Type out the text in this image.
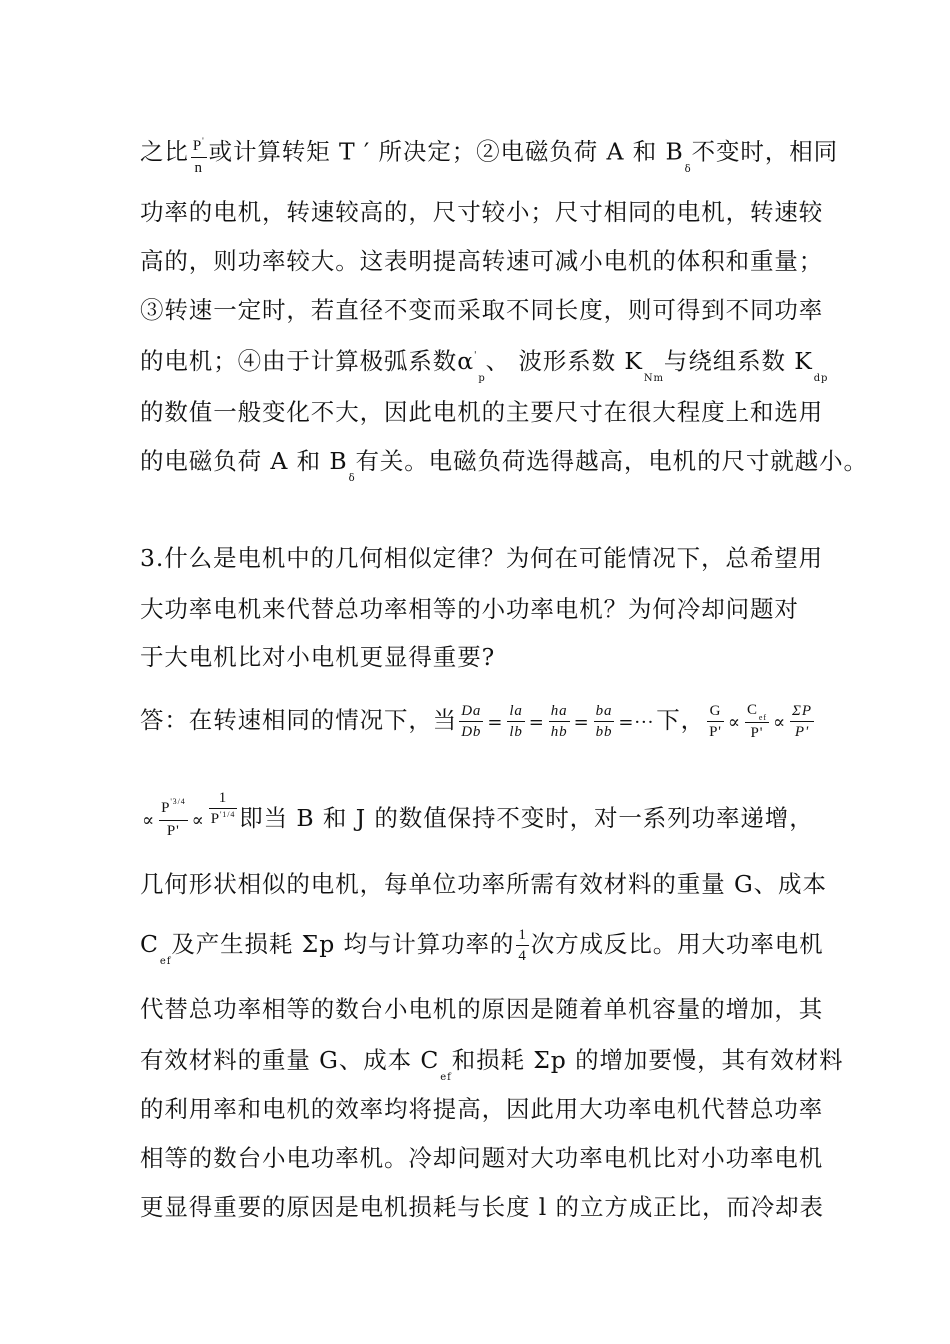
之比 $\frac{P'}{n}$ 或计算转矩 T ′ 所决定；②电磁负荷 A 和 $B_\delta$不变时，相同
功率的电机，转速较高的，尺寸较小；尺寸相同的电机，转速较
高的，则功率较大。这表明提高转速可减小电机的体积和重量；
③转速一定时，若直径不变而采取不同长度，则可得到不同功率
的电机；④由于计算极弧系数$\alpha'_p$、 波形系数 $K_{Nm}$与绕组系数 $K_{dp}$
的数值一般变化不大，因此电机的主要尺寸在很大程度上和选用
的电磁负荷 A 和 $B_\delta$有关。电磁负荷选得越高，电机的尺寸就越小。
3.什么是电机中的几何相似定律？为何在可能情况下，总希望用
大功率电机来代替总功率相等的小功率电机？为何冷却问题对
于大电机比对小电机更显得重要?
答：在转速相同的情况下，当 $\frac{Da}{Db} = \frac{la}{lb} = \frac{ha}{hb} = \frac{ba}{bb}$ =···下， $\frac{G}{P'} \propto \frac{C_{ef}}{P'} \propto \frac{\Sigma P}{P'}$
∝ $\frac{P^{'3/4}}{P'} \propto \frac{1}{P^{'1/4}}$ 即当 B 和 J 的数值保持不变时，对一系列功率递增，
几何形状相似的电机，每单位功率所需有效材料的重量 G、成本
$C_{ef}$及产生损耗 Σp 均与计算功率的 $\frac{1}{4}$ 次方成反比。用大功率电机
代替总功率相等的数台小电机的原因是随着单机容量的增加，其
有效材料的重量 G、成本 $C_{ef}$和损耗 Σp 的增加要慢，其有效材料
的利用率和电机的效率均将提高，因此用大功率电机代替总功率
相等的数台小电功率机。冷却问题对大功率电机比对小功率电机
更显得重要的原因是电机损耗与长度 l 的立方成正比，而冷却表
